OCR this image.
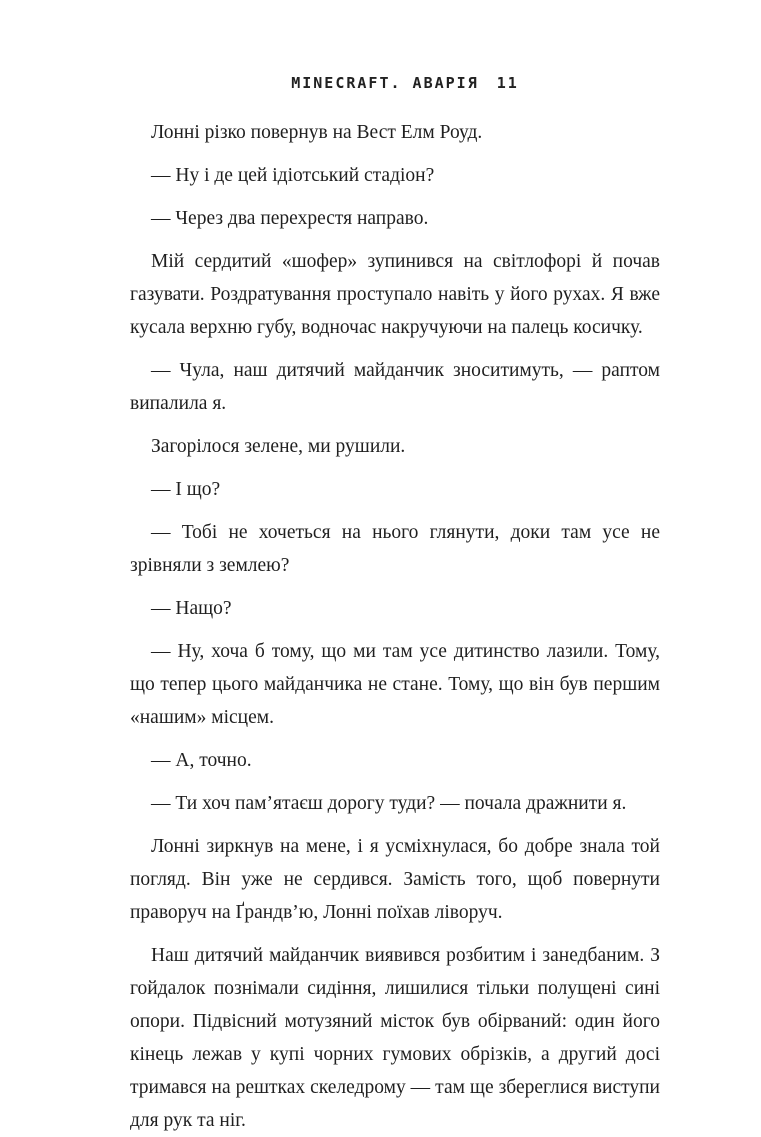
MINECRAFT. АВАРІЯ 11

Лонні різко повернув на Вест Елм Роуд.

— Ну і де цей ідіотський стадіон?

— Через два перехрестя направо.

Мій сердитий «шофер» зупинився на світлофорі й почав газувати. Роздратування проступало навіть у його рухах. Я вже кусала верхню губу, водночас накручуючи на палець косичку.

— Чула, наш дитячий майданчик зноситимуть, — раптом випалила я.

Загорілося зелене, ми рушили.

— І що?

— Тобі не хочеться на нього глянути, доки там усе не зрівняли з землею?

— Нащо?

— Ну, хоча б тому, що ми там усе дитинство лазили. Тому, що тепер цього майданчика не стане. Тому, що він був першим «нашим» місцем.

— А, точно.

— Ти хоч пам’ятаєш дорогу туди? — почала дражнити я.

Лонні зиркнув на мене, і я усміхнулася, бо добре знала той погляд. Він уже не сердився. Замість того, щоб повернути праворуч на Ґрандв’ю, Лонні поїхав ліворуч.

Наш дитячий майданчик виявився розбитим і занедбаним. З гойдалок познімали сидіння, лишилися тільки полущені сині опори. Підвісний мотузяний місток був обірваний: один його кінець лежав у купі чорних гумових обрізків, а другий досі тримався на рештках скеледрому — там ще збереглися виступи для рук та ніг.
